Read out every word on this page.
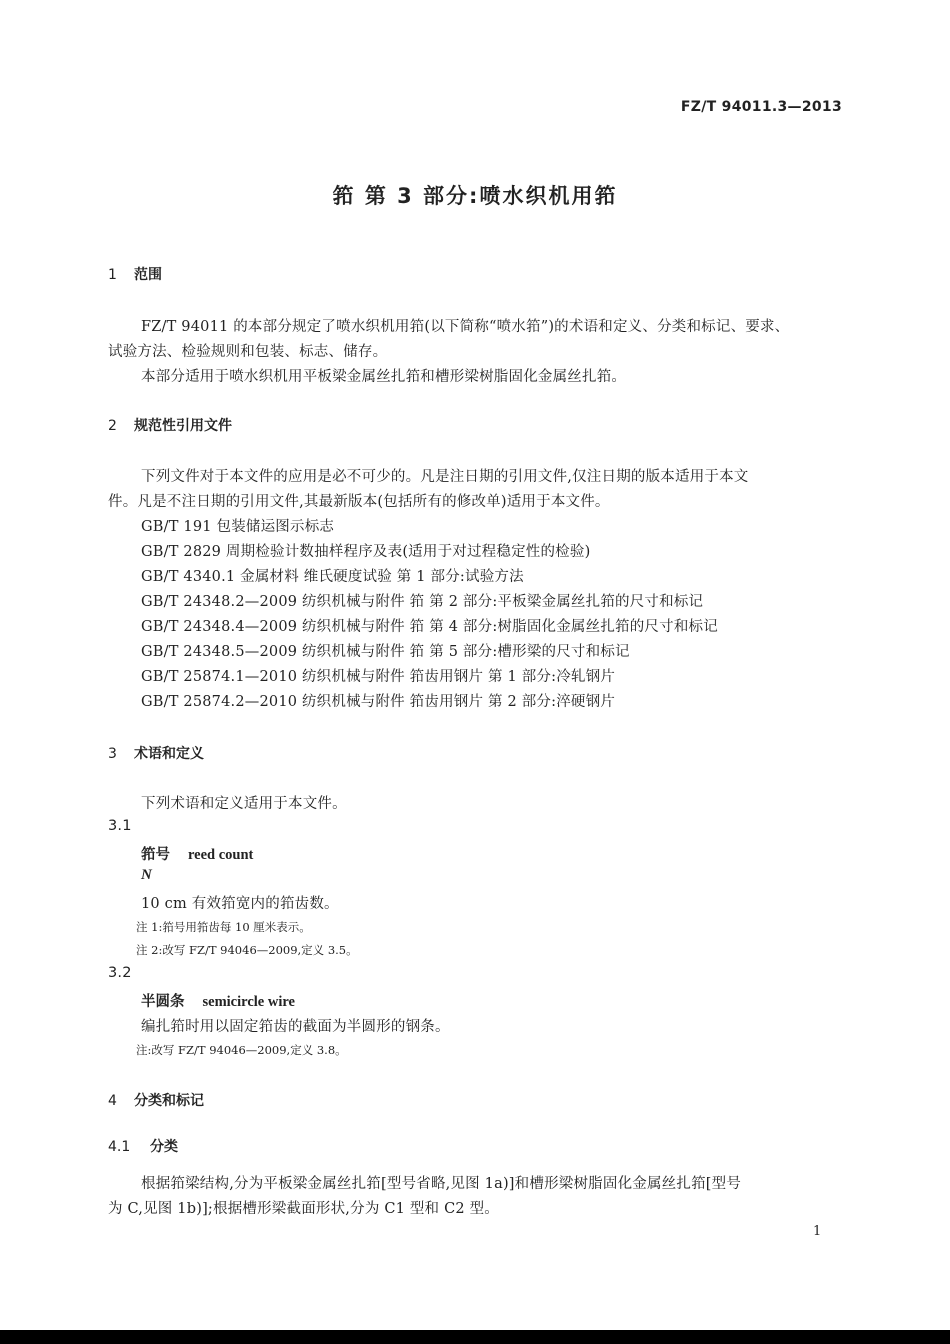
FZ/T 94011.3—2013
筘 第 3 部分:喷水织机用筘
1 范围
FZ/T 94011 的本部分规定了喷水织机用筘(以下简称“喷水筘”)的术语和定义、分类和标记、要求、
试验方法、检验规则和包装、标志、储存。
本部分适用于喷水织机用平板梁金属丝扎筘和槽形梁树脂固化金属丝扎筘。
2 规范性引用文件
下列文件对于本文件的应用是必不可少的。凡是注日期的引用文件,仅注日期的版本适用于本文
件。凡是不注日期的引用文件,其最新版本(包括所有的修改单)适用于本文件。
GB/T 191 包装储运图示标志
GB/T 2829 周期检验计数抽样程序及表(适用于对过程稳定性的检验)
GB/T 4340.1 金属材料 维氏硬度试验 第 1 部分:试验方法
GB/T 24348.2—2009 纺织机械与附件 筘 第 2 部分:平板梁金属丝扎筘的尺寸和标记
GB/T 24348.4—2009 纺织机械与附件 筘 第 4 部分:树脂固化金属丝扎筘的尺寸和标记
GB/T 24348.5—2009 纺织机械与附件 筘 第 5 部分:槽形梁的尺寸和标记
GB/T 25874.1—2010 纺织机械与附件 筘齿用钢片 第 1 部分:冷轧钢片
GB/T 25874.2—2010 纺织机械与附件 筘齿用钢片 第 2 部分:淬硬钢片
3 术语和定义
下列术语和定义适用于本文件。
3.1
筘号 reed count
N
10 cm 有效筘宽内的筘齿数。
注 1:筘号用筘齿每 10 厘米表示。
注 2:改写 FZ/T 94046—2009,定义 3.5。
3.2
半圆条 semicircle wire
编扎筘时用以固定筘齿的截面为半圆形的钢条。
注:改写 FZ/T 94046—2009,定义 3.8。
4 分类和标记
4.1 分类
根据筘梁结构,分为平板梁金属丝扎筘[型号省略,见图 1a)]和槽形梁树脂固化金属丝扎筘[型号
为 C,见图 1b)];根据槽形梁截面形状,分为 C1 型和 C2 型。
1
